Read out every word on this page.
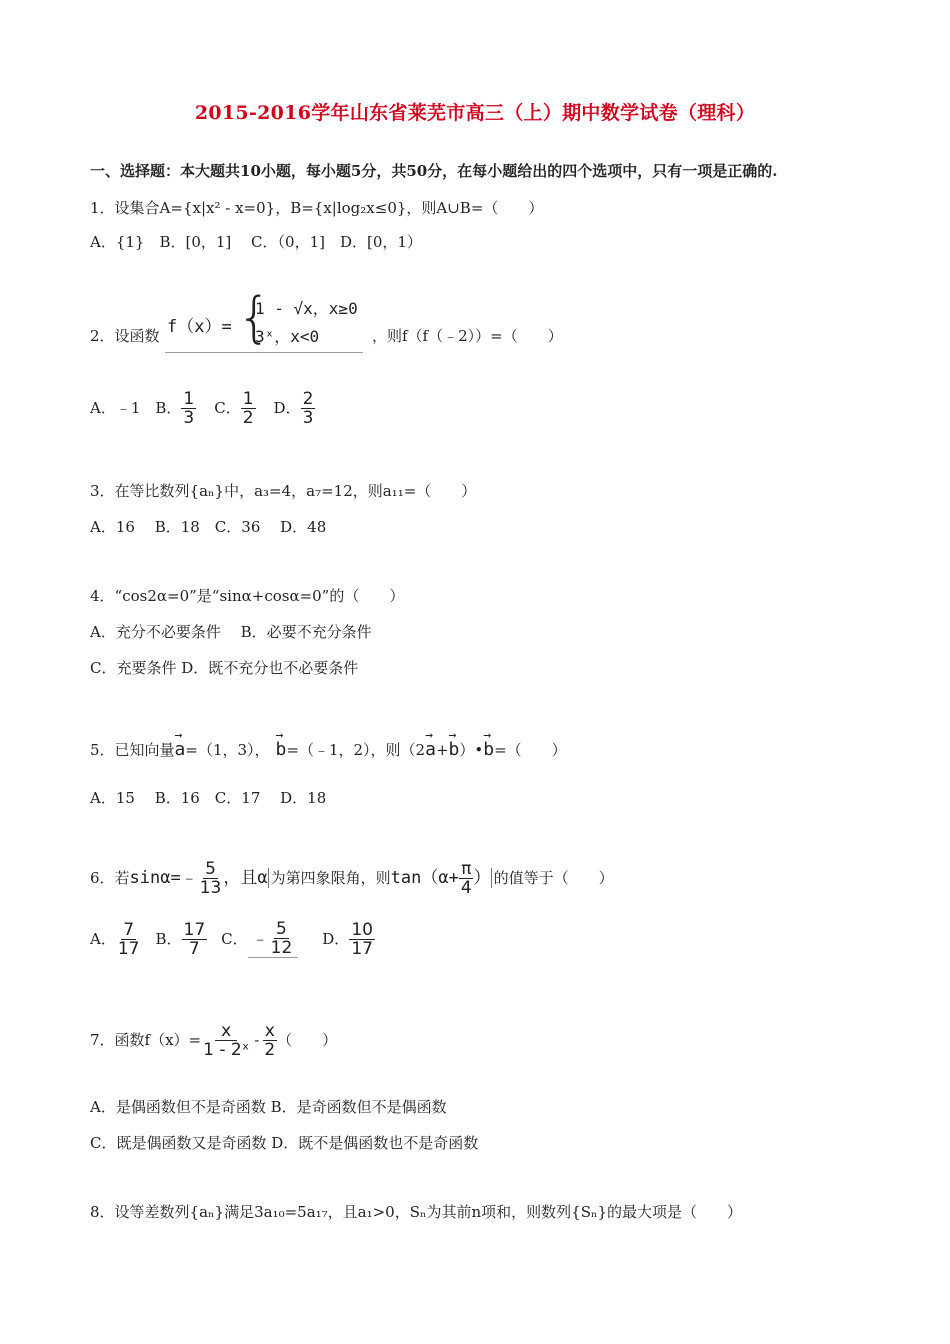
2015-2016学年山东省莱芜市高三（上）期中数学试卷（理科）
一、选择题：本大题共10小题，每小题5分，共50分，在每小题给出的四个选项中，只有一项是正确的.
1．设集合A={x|x² - x=0}，B={x|log₂x≤0}，则A∪B=（　　）
A．{1}　B．[0，1]　 C．（0，1]　D．[0，1）
2．设函数 f（x）= {
1 - √x，x≥0
3ˣ，x<0	，则f（f（﹣2））=（　　）
A．﹣1　B． $\frac{1}{3}$ C． $\frac{1}{2}$ D． $\frac{2}{3}$
3．在等比数列{aₙ}中，a₃=4，a₇=12，则a₁₁=（　　）
A．16　 B．18　C．36　 D．48
4．“cos2α=0”是“sinα+cosα=0”的（　　）
A．充分不必要条件　 B．必要不充分条件
C．充要条件 D．既不充分也不必要条件
5．已知向量 → a =（1，3）， → b =（﹣1，2），则（2 → a + → b ）• → b =（　　）
A．15　 B．16　C．17　 D．18
6．若 sinα=﹣ $\frac{5}{13}$ ，且α 为第四象限角，则 $\tan(\alpha+ \frac{\pi}{4}$ ） 的值等于（　　）
A． $\frac{7}{17}$ B． $\frac{17}{7}$ C． ﹣ $\frac{5}{12}$ D． $\frac{10}{17}$
7．函数$f(x)= \frac{x}{\text{1 - 2ˣ}} - \frac{x}{2}$ （　　）
A．是偶函数但不是奇函数 B．是奇函数但不是偶函数
C．既是偶函数又是奇函数 D．既不是偶函数也不是奇函数
8．设等差数列{aₙ}满足3a₁₀=5a₁₇，且a₁>0，Sₙ为其前n项和，则数列{Sₙ}的最大项是（　　）
